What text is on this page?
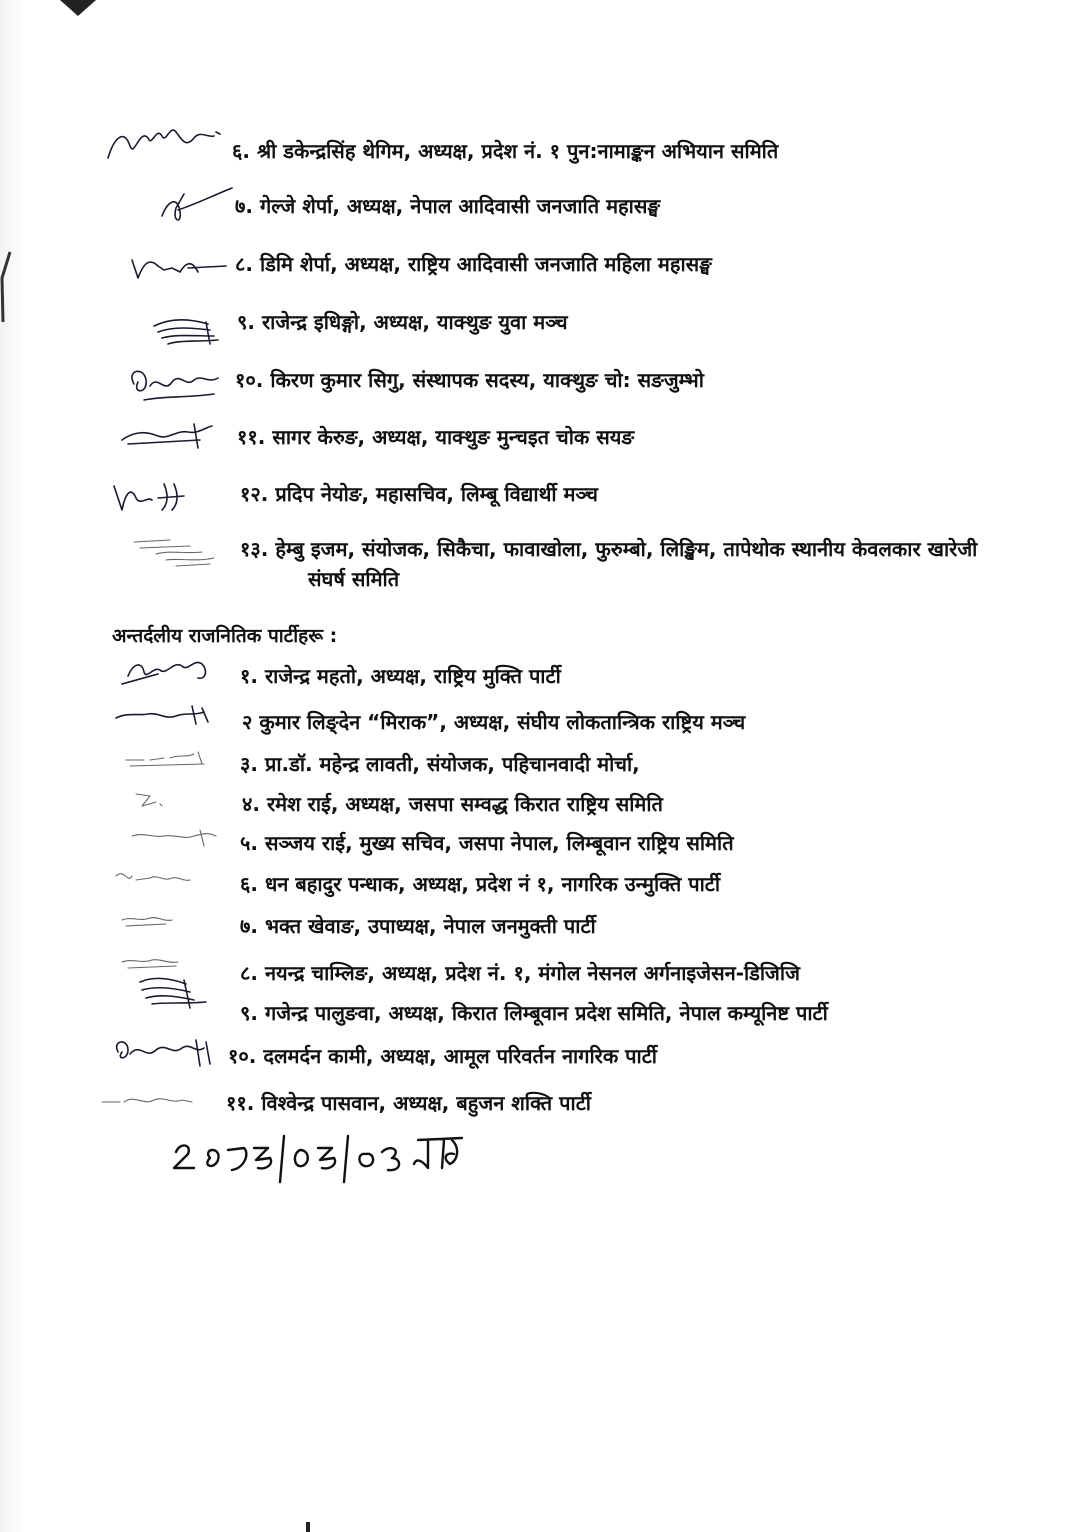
६. श्री डकेन्द्रसिंह थेगिम, अध्यक्ष, प्रदेश नं. १ पुन:नामाङ्कन अभियान समिति
७. गेल्जे शेर्पा, अध्यक्ष, नेपाल आदिवासी जनजाति महासङ्घ
८. डिमि शेर्पा, अध्यक्ष, राष्ट्रिय आदिवासी जनजाति महिला महासङ्घ
९. राजेन्द्र इधिङ्गो, अध्यक्ष, याक्थुङ युवा मञ्च
१०. किरण कुमार सिगु, संस्थापक सदस्य, याक्थुङ चो: सङजुम्भो
११. सागर केरुङ, अध्यक्ष, याक्थुङ मुन्चइत चोक सयङ
१२. प्रदिप नेयोङ, महासचिव, लिम्बू विद्यार्थी मञ्च
१३. हेम्बु इजम, संयोजक, सिकैचा, फावाखोला, फुरुम्बो, लिङ्खिम, तापेथोक स्थानीय केवलकार खारेजी
संघर्ष समिति
अन्तर्दलीय राजनितिक पार्टीहरू :
१. राजेन्द्र महतो, अध्यक्ष, राष्ट्रिय मुक्ति पार्टी
२ कुमार लिङ्देन “मिराक”, अध्यक्ष, संघीय लोकतान्त्रिक राष्ट्रिय मञ्च
३. प्रा.डॉ. महेन्द्र लावती, संयोजक, पहिचानवादी मोर्चा,
४. रमेश राई, अध्यक्ष, जसपा सम्वद्ध किरात राष्ट्रिय समिति
५. सञ्जय राई, मुख्य सचिव, जसपा नेपाल, लिम्बूवान राष्ट्रिय समिति
६. धन बहादुर पन्धाक, अध्यक्ष, प्रदेश नं १, नागरिक उन्मुक्ति पार्टी
७. भक्त खेवाङ, उपाध्यक्ष, नेपाल जनमुक्ती पार्टी
८. नयन्द्र चाम्लिङ, अध्यक्ष, प्रदेश नं. १, मंगोल नेसनल अर्गनाइजेसन-डिजिजि
९. गजेन्द्र पालुङवा, अध्यक्ष, किरात लिम्बूवान प्रदेश समिति, नेपाल कम्यूनिष्ट पार्टी
१०. दलमर्दन कामी, अध्यक्ष, आमूल परिवर्तन नागरिक पार्टी
११. विश्वेन्द्र पासवान, अध्यक्ष, बहुजन शक्ति पार्टी
